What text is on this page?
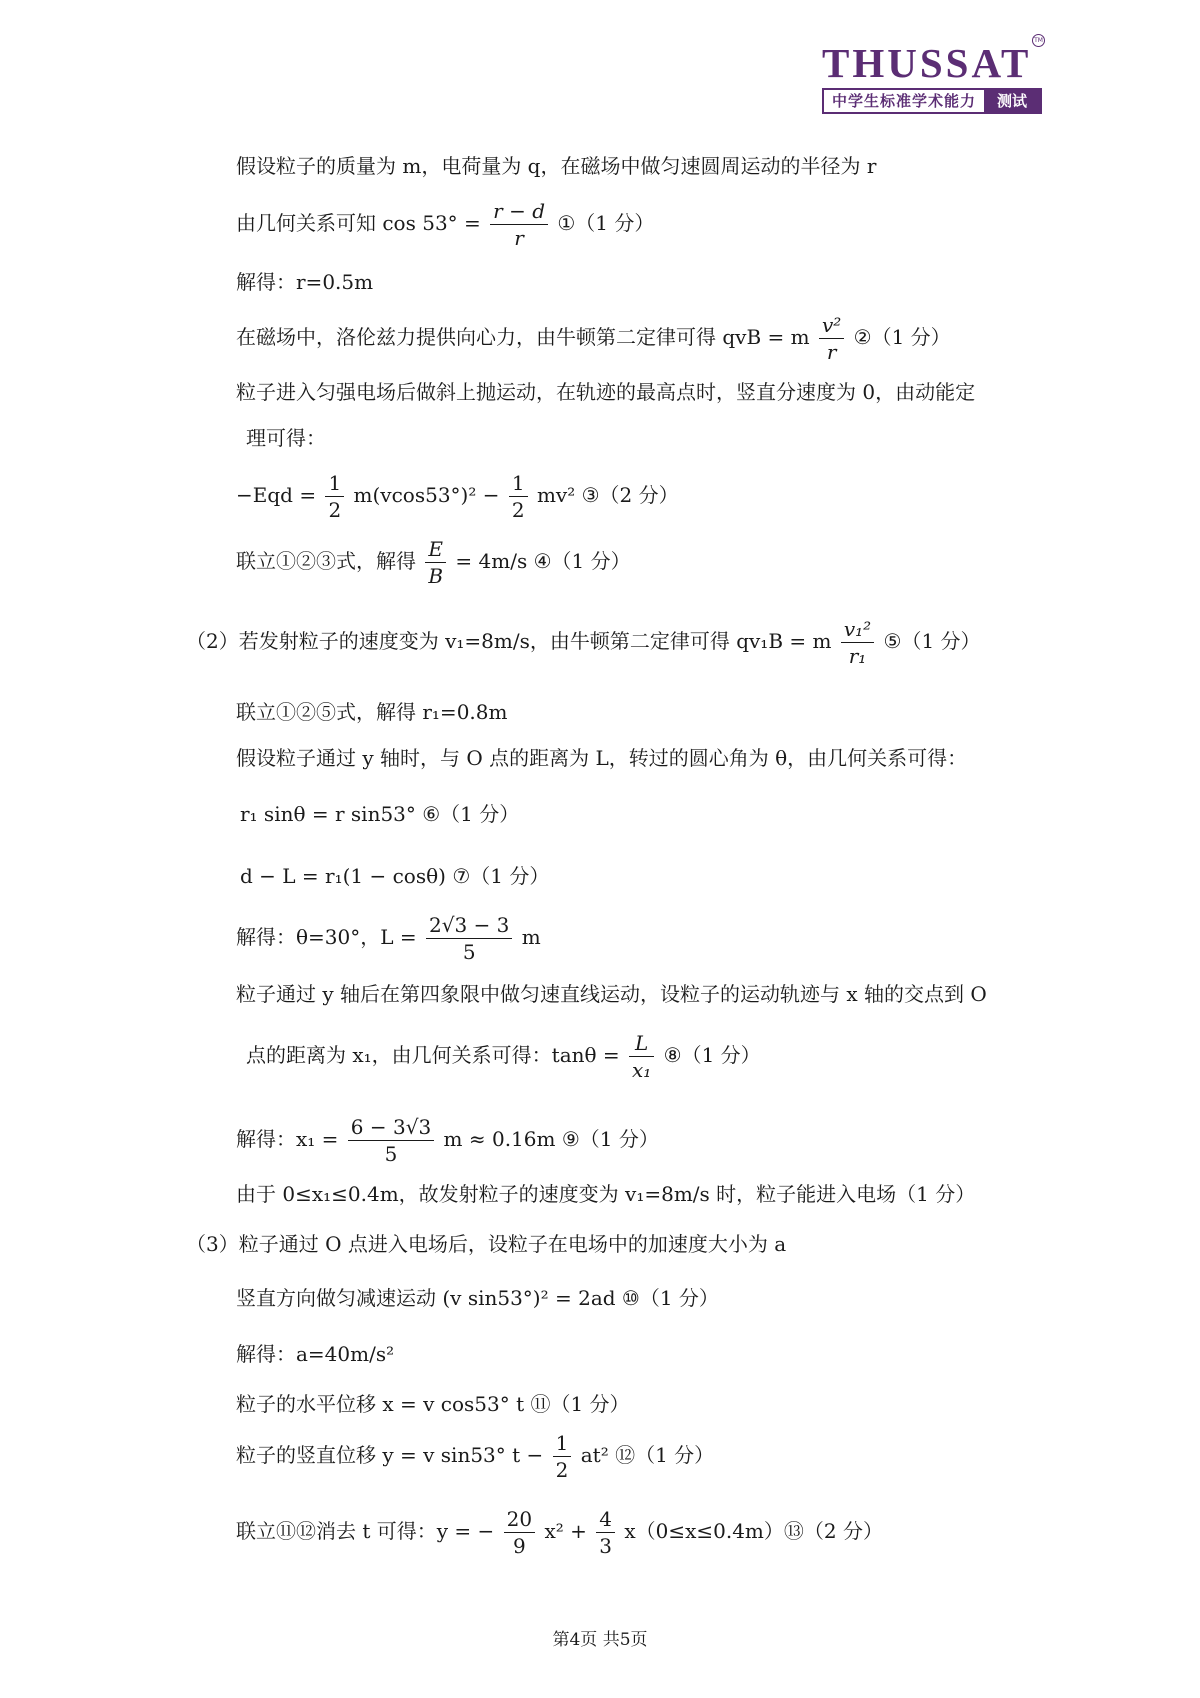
THUSSAT TM
中学生标准学术能力	测试
假设粒子的质量为 m，电荷量为 q，在磁场中做匀速圆周运动的半径为 r
由几何关系可知 $\cos 53^\circ = \frac{r - d}{r}$ ①（1 分）
解得：r=0.5m
在磁场中，洛伦兹力提供向心力，由牛顿第二定律可得 qvB = m $\frac{\text{v²}}{r}$ ②（1 分）
粒子进入匀强电场后做斜上抛运动，在轨迹的最高点时，竖直分速度为 0，由动能定
理可得：
$-Eqd = \frac{1}{2} m(vcos53^\circ)^2 - \frac{1}{2} mv^2$ ③（2 分）
联立①②③式，解得 $\frac{E}{B} = 4m/s$ ④（1 分）
（2）若发射粒子的速度变为 v₁=8m/s，由牛顿第二定律可得 qv₁B = m $\frac{\text{v₁²}}{\text{r₁}}$ ⑤（1 分）
联立①②⑤式，解得 r₁=0.8m
假设粒子通过 y 轴时，与 O 点的距离为 L，转过的圆心角为 θ，由几何关系可得：
r₁ sinθ = r sin53° ⑥（1 分）
d − L = r₁(1 − cosθ) ⑦（1 分）
解得：θ=30°，$L = \frac{2√3 - 3}{5}$ m
粒子通过 y 轴后在第四象限中做匀速直线运动，设粒子的运动轨迹与 x 轴的交点到 O
点的距离为 x₁，由几何关系可得：$\tan\theta = \frac{L}{\text{x₁}}$ ⑧（1 分）
解得：$x_1 = \frac{6 - 3√3}{5}$ m ≈ 0.16m ⑨（1 分）
由于 0≤x₁≤0.4m，故发射粒子的速度变为 v₁=8m/s 时，粒子能进入电场（1 分）
（3）粒子通过 O 点进入电场后，设粒子在电场中的加速度大小为 a
竖直方向做匀减速运动 (v sin53°)² = 2ad ⑩（1 分）
解得：a=40m/s²
粒子的水平位移 x = v cos53° t ⑪（1 分）
粒子的竖直位移 y = v sin53° $t - \frac{1}{2} at^2$ ⑫（1 分）
联立⑪⑫消去 t 可得：y = − $\frac{20}{9} x^2 + \frac{4}{3}$ x（0≤x≤0.4m）⑬（2 分）
第4页 共5页
